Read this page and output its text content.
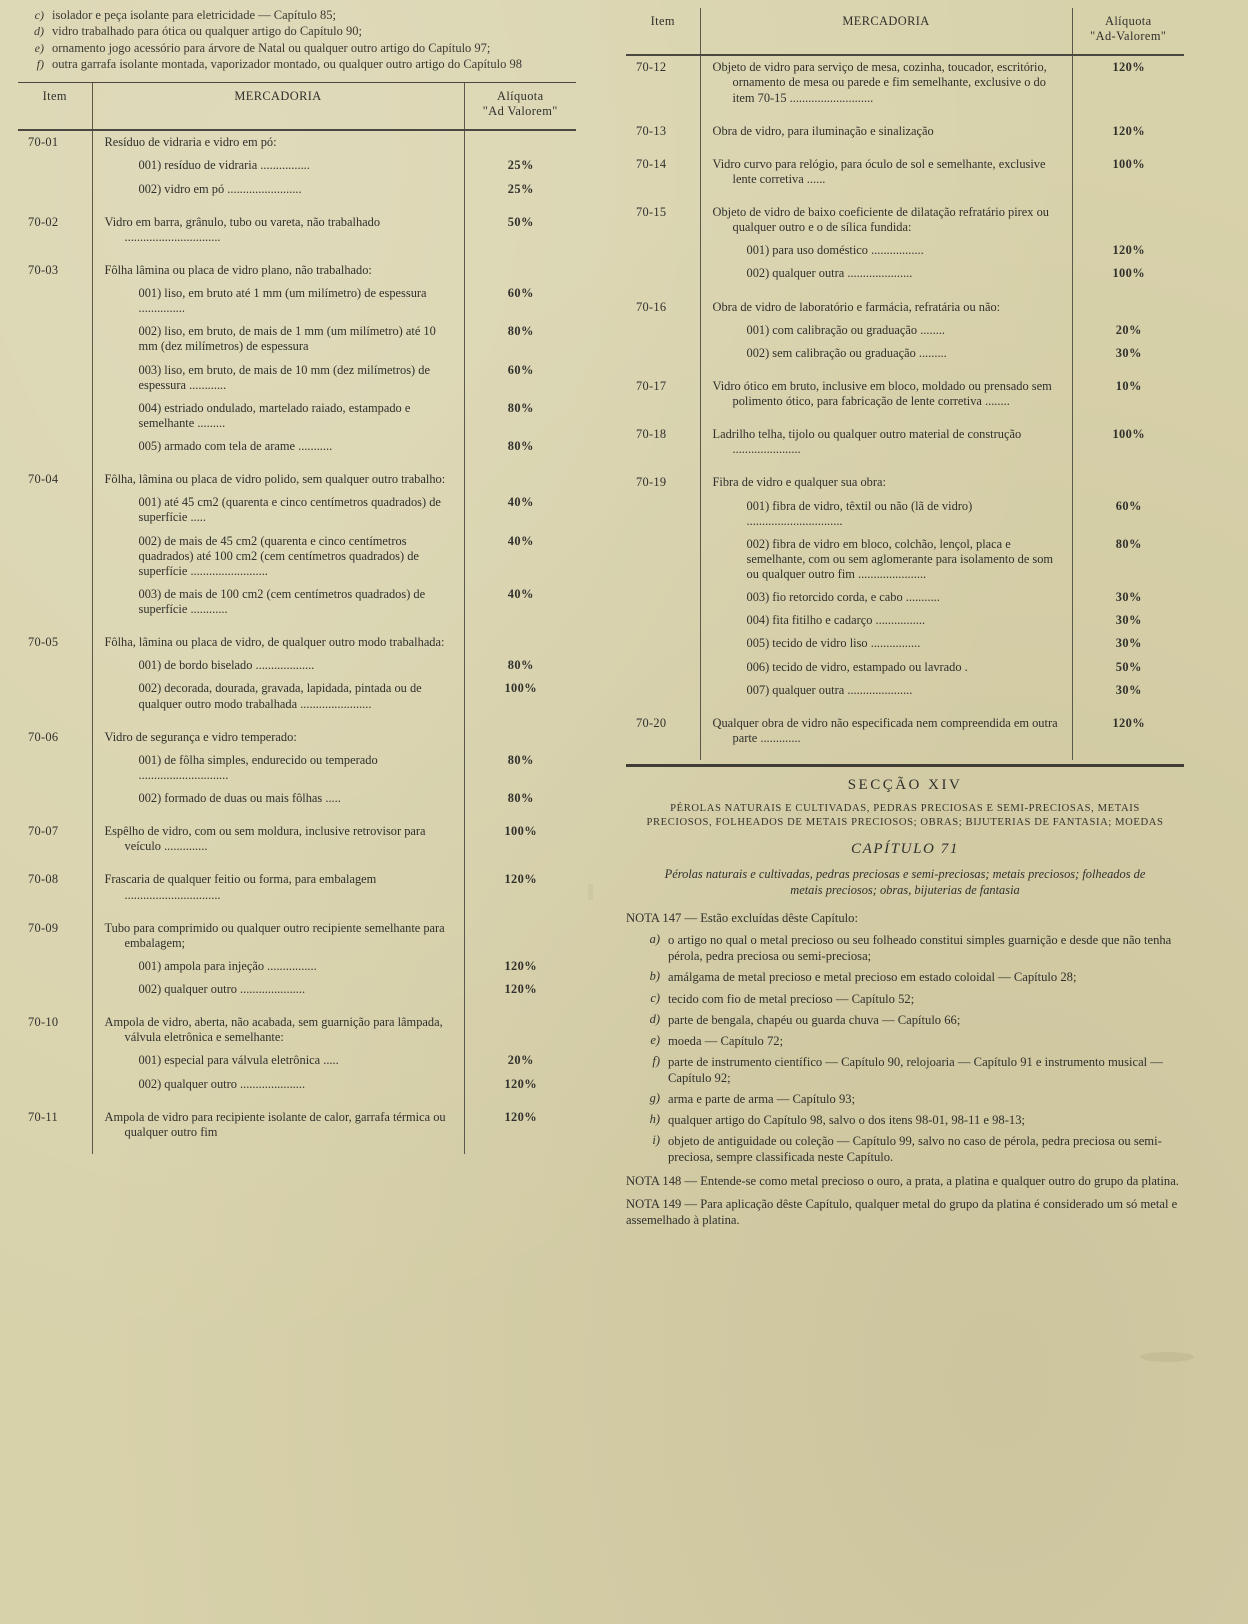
c) isolador e peça isolante para eletricidade — Capítulo 85;
d) vidro trabalhado para ótica ou qualquer artigo do Capítulo 90;
e) ornamento jogo acessório para árvore de Natal ou qualquer outro artigo do Capítulo 97;
f) outra garrafa isolante montada, vaporizador montado, ou qualquer outro artigo do Capítulo 98
Item	MERCADORIA	Alíquota
"Ad Valorem"
70-01	Resíduo de vidraria e vidro em pó:	

	001) resíduo de vidraria ................	25%

	002) vidro em pó ........................	25%

70-02	Vidro em barra, grânulo, tubo ou vareta, não trabalhado ...............................	50%

70-03	Fôlha lâmina ou placa de vidro plano, não trabalhado:	

	001) liso, em bruto até 1 mm (um milímetro) de espessura ...............	60%

	002) liso, em bruto, de mais de 1 mm (um milímetro) até 10 mm (dez milímetros) de espessura	80%

	003) liso, em bruto, de mais de 10 mm (dez milímetros) de espessura ............	60%

	004) estriado ondulado, martelado raiado, estampado e semelhante .........	80%

	005) armado com tela de arame ...........	80%

70-04	Fôlha, lâmina ou placa de vidro polido, sem qualquer outro trabalho:	

	001) até 45 cm2 (quarenta e cinco centímetros quadrados) de superfície .....	40%

	002) de mais de 45 cm2 (quarenta e cinco centímetros quadrados) até 100 cm2 (cem centímetros quadrados) de superfície .........................	40%

	003) de mais de 100 cm2 (cem centímetros quadrados) de superfície ............	40%

70-05	Fôlha, lâmina ou placa de vidro, de qualquer outro modo trabalhada:	

	001) de bordo biselado ...................	80%

	002) decorada, dourada, gravada, lapidada, pintada ou de qualquer outro modo trabalhada .......................	100%

70-06	Vidro de segurança e vidro temperado:	

	001) de fôlha simples, endurecido ou temperado .............................	80%

	002) formado de duas ou mais fôlhas .....	80%

70-07	Espêlho de vidro, com ou sem moldura, inclusive retrovisor para veículo ..............	100%

70-08	Frascaria de qualquer feitio ou forma, para embalagem ...............................	120%

70-09	Tubo para comprimido ou qualquer outro recipiente semelhante para embalagem;	

	001) ampola para injeção ................	120%

	002) qualquer outro .....................	120%

70-10	Ampola de vidro, aberta, não acabada, sem guarnição para lâmpada, válvula eletrônica e semelhante:	

	001) especial para válvula eletrônica .....	20%

	002) qualquer outro .....................	120%

70-11	Ampola de vidro para recipiente isolante de calor, garrafa térmica ou qualquer outro fim	120%

Item	MERCADORIA	Alíquota
"Ad-Valorem"
70-12	Objeto de vidro para serviço de mesa, cozinha, toucador, escritório, ornamento de mesa ou parede e fim semelhante, exclusive o do item 70-15 ...........................	120%

70-13	Obra de vidro, para iluminação e sinalização	120%

70-14	Vidro curvo para relógio, para óculo de sol e semelhante, exclusive lente corretiva ......	100%

70-15	Objeto de vidro de baixo coeficiente de dilatação refratário pirex ou qualquer outro e o de sílica fundida:	

	001) para uso doméstico .................	120%

	002) qualquer outra .....................	100%

70-16	Obra de vidro de laboratório e farmácia, refratária ou não:	

	001) com calibração ou graduação ........	20%

	002) sem calibração ou graduação .........	30%

70-17	Vidro ótico em bruto, inclusive em bloco, moldado ou prensado sem polimento ótico, para fabricação de lente corretiva ........	10%

70-18	Ladrilho telha, tijolo ou qualquer outro material de construção ......................	100%

70-19	Fibra de vidro e qualquer sua obra:	

	001) fibra de vidro, têxtil ou não (lã de vidro) ...............................	60%

	002) fibra de vidro em bloco, colchão, lençol, placa e semelhante, com ou sem aglomerante para isolamento de som ou qualquer outro fim ......................	80%

	003) fio retorcido corda, e cabo ...........	30%

	004) fita fitilho e cadarço ................	30%

	005) tecido de vidro liso ................	30%

	006) tecido de vidro, estampado ou lavrado .	50%

	007) qualquer outra .....................	30%

70-20	Qualquer obra de vidro não especificada nem compreendida em outra parte .............	120%

SECÇÃO XIV
PÉROLAS NATURAIS E CULTIVADAS, PEDRAS PRECIOSAS E SEMI-PRECIOSAS, METAIS PRECIOSOS, FOLHEADOS DE METAIS PRECIOSOS; OBRAS; BIJUTERIAS DE FANTASIA; MOEDAS
CAPÍTULO 71
Pérolas naturais e cultivadas, pedras preciosas e semi-preciosas; metais preciosos; folheados de metais preciosos; obras, bijuterias de fantasia
NOTA 147 — Estão excluídas dêste Capítulo:
a) o artigo no qual o metal precioso ou seu folheado constitui simples guarnição e desde que não tenha pérola, pedra preciosa ou semi-preciosa;
b) amálgama de metal precioso e metal precioso em estado coloidal — Capítulo 28;
c) tecido com fio de metal precioso — Capítulo 52;
d) parte de bengala, chapéu ou guarda chuva — Capítulo 66;
e) moeda — Capítulo 72;
f) parte de instrumento científico — Capítulo 90, relojoaria — Capítulo 91 e instrumento musical — Capítulo 92;
g) arma e parte de arma — Capítulo 93;
h) qualquer artigo do Capítulo 98, salvo o dos itens 98-01, 98-11 e 98-13;
i) objeto de antiguidade ou coleção — Capítulo 99, salvo no caso de pérola, pedra preciosa ou semi-preciosa, sempre classificada neste Capítulo.
NOTA 148 — Entende-se como metal precioso o ouro, a prata, a platina e qualquer outro do grupo da platina.
NOTA 149 — Para aplicação dêste Capítulo, qualquer metal do grupo da platina é considerado um só metal e assemelhado à platina.
